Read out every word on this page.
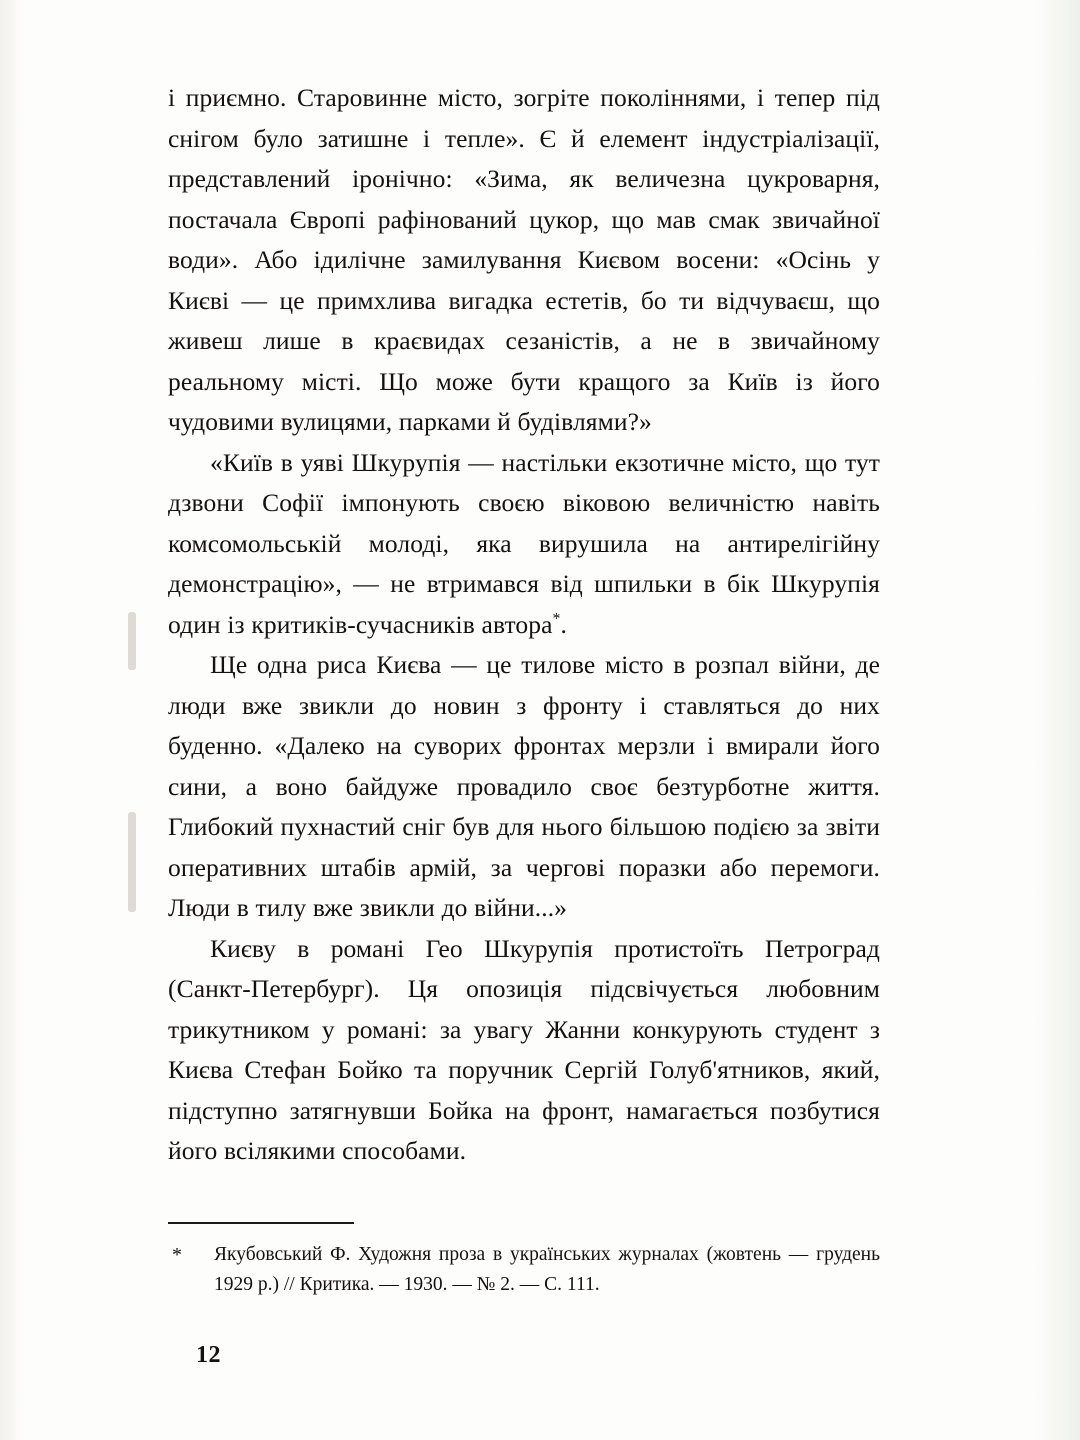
і приємно. Старовинне місто, зогріте поколіннями, і тепер під снігом було затишне і тепле». Є й елемент індустріалізації, представлений іронічно: «Зима, як величезна цукроварня, постачала Європі рафінований цукор, що мав смак звичайної води». Або ідилічне замилування Києвом восени: «Осінь у Києві — це примхлива вигадка естетів, бо ти відчуваєш, що живеш лише в краєвидах сезаністів, а не в звичайному реальному місті. Що може бути кращого за Київ із його чудовими вулицями, парками й будівлями?»

«Київ в уяві Шкурупія — настільки екзотичне місто, що тут дзвони Софії імпонують своєю віковою величністю навіть комсомольській молоді, яка вирушила на антирелігійну демонстрацію», — не втримався від шпильки в бік Шкурупія один із критиків-сучасників автора*.

Ще одна риса Києва — це тилове місто в розпал війни, де люди вже звикли до новин з фронту і ставляться до них буденно. «Далеко на суворих фронтах мерзли і вмирали його сини, а воно байдуже провадило своє безтурботне життя. Глибокий пухнастий сніг був для нього більшою подією за звіти оперативних штабів армій, за чергові поразки або перемоги. Люди в тилу вже звикли до війни...»

Києву в романі Гео Шкурупія протистоїть Петроград (Санкт-Петербург). Ця опозиція підсвічується любовним трикутником у романі: за увагу Жанни конкурують студент з Києва Стефан Бойко та поручник Сергій Голуб'ятников, який, підступно затягнувши Бойка на фронт, намагається позбутися його всілякими способами.

*	Якубовський Ф. Художня проза в українських журналах (жовтень — грудень 1929 р.) // Критика. — 1930. — № 2. — С. 111.
12
